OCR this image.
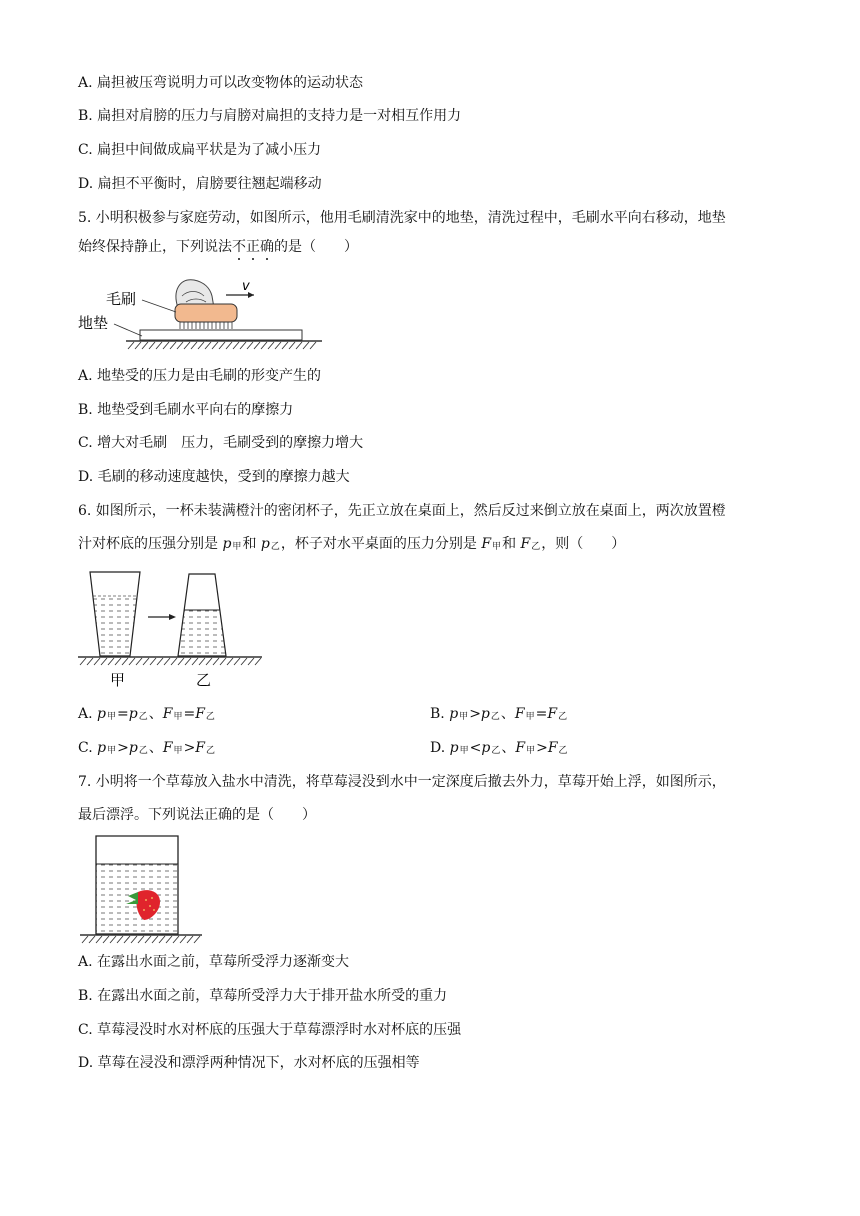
A. 扁担被压弯说明力可以改变物体的运动状态
B. 扁担对肩膀的压力与肩膀对扁担的支持力是一对相互作用力
C. 扁担中间做成扁平状是为了减小压力
D. 扁担不平衡时，肩膀要往翘起端移动
5. 小明积极参与家庭劳动，如图所示，他用毛刷清洗家中的地垫，清洗过程中，毛刷水平向右移动，地垫
始终保持静止，下列说法不正确的是（　　）
v
毛刷
地垫
A. 地垫受的压力是由毛刷的形变产生的
B. 地垫受到毛刷水平向右的摩擦力
C. 增大对毛刷　压力，毛刷受到的摩擦力增大
D. 毛刷的移动速度越快，受到的摩擦力越大
6. 如图所示，一杯未装满橙汁的密闭杯子，先正立放在桌面上，然后反过来倒立放在桌面上，两次放置橙
汁对杯底的压强分别是 p甲和 p乙，杯子对水平桌面的压力分别是 F甲和 F乙，则（　　）
甲	乙
A. p甲=p乙、F甲=F乙	B. p甲>p乙、F甲=F乙
C. p甲>p乙、F甲>F乙	D. p甲<p乙、F甲>F乙
7. 小明将一个草莓放入盐水中清洗，将草莓浸没到水中一定深度后撤去外力，草莓开始上浮，如图所示，
最后漂浮。下列说法正确的是（　　）
A. 在露出水面之前，草莓所受浮力逐渐变大
B. 在露出水面之前，草莓所受浮力大于排开盐水所受的重力
C. 草莓浸没时水对杯底的压强大于草莓漂浮时水对杯底的压强
D. 草莓在浸没和漂浮两种情况下，水对杯底的压强相等
